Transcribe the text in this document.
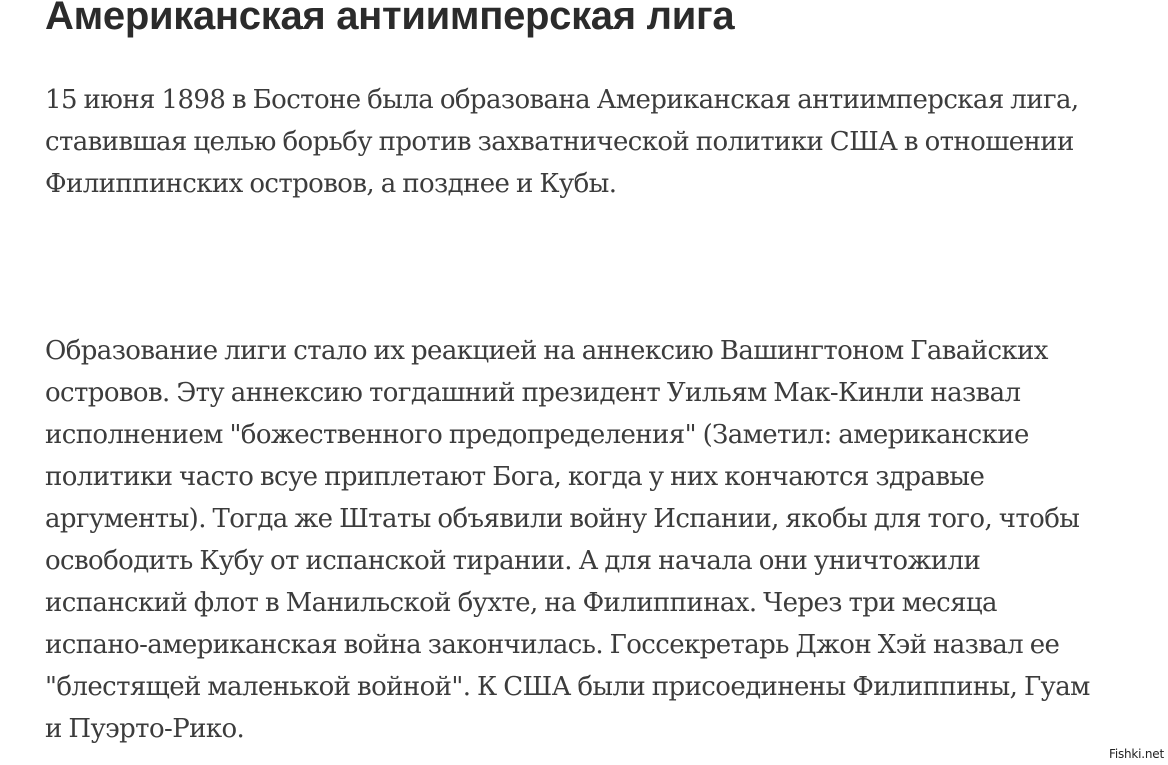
Американская антиимперская лига

15 июня 1898 в Бостоне была образована Американская антиимперская лига,
ставившая целью борьбу против захватнической политики США в отношении
Филиппинских островов, а позднее и Кубы.

Образование лиги стало их реакцией на аннексию Вашингтоном Гавайских
островов. Эту аннексию тогдашний президент Уильям Мак-Кинли назвал
исполнением "божественного предопределения" (Заметил: американские
политики часто всуе приплетают Бога, когда у них кончаются здравые
аргументы). Тогда же Штаты объявили войну Испании, якобы для того, чтобы
освободить Кубу от испанской тирании. А для начала они уничтожили
испанский флот в Манильской бухте, на Филиппинах. Через три месяца
испано-американская война закончилась. Госсекретарь Джон Хэй назвал ее
"блестящей маленькой войной". К США были присоединены Филиппины, Гуам
и Пуэрто-Рико.

Fishki.net
